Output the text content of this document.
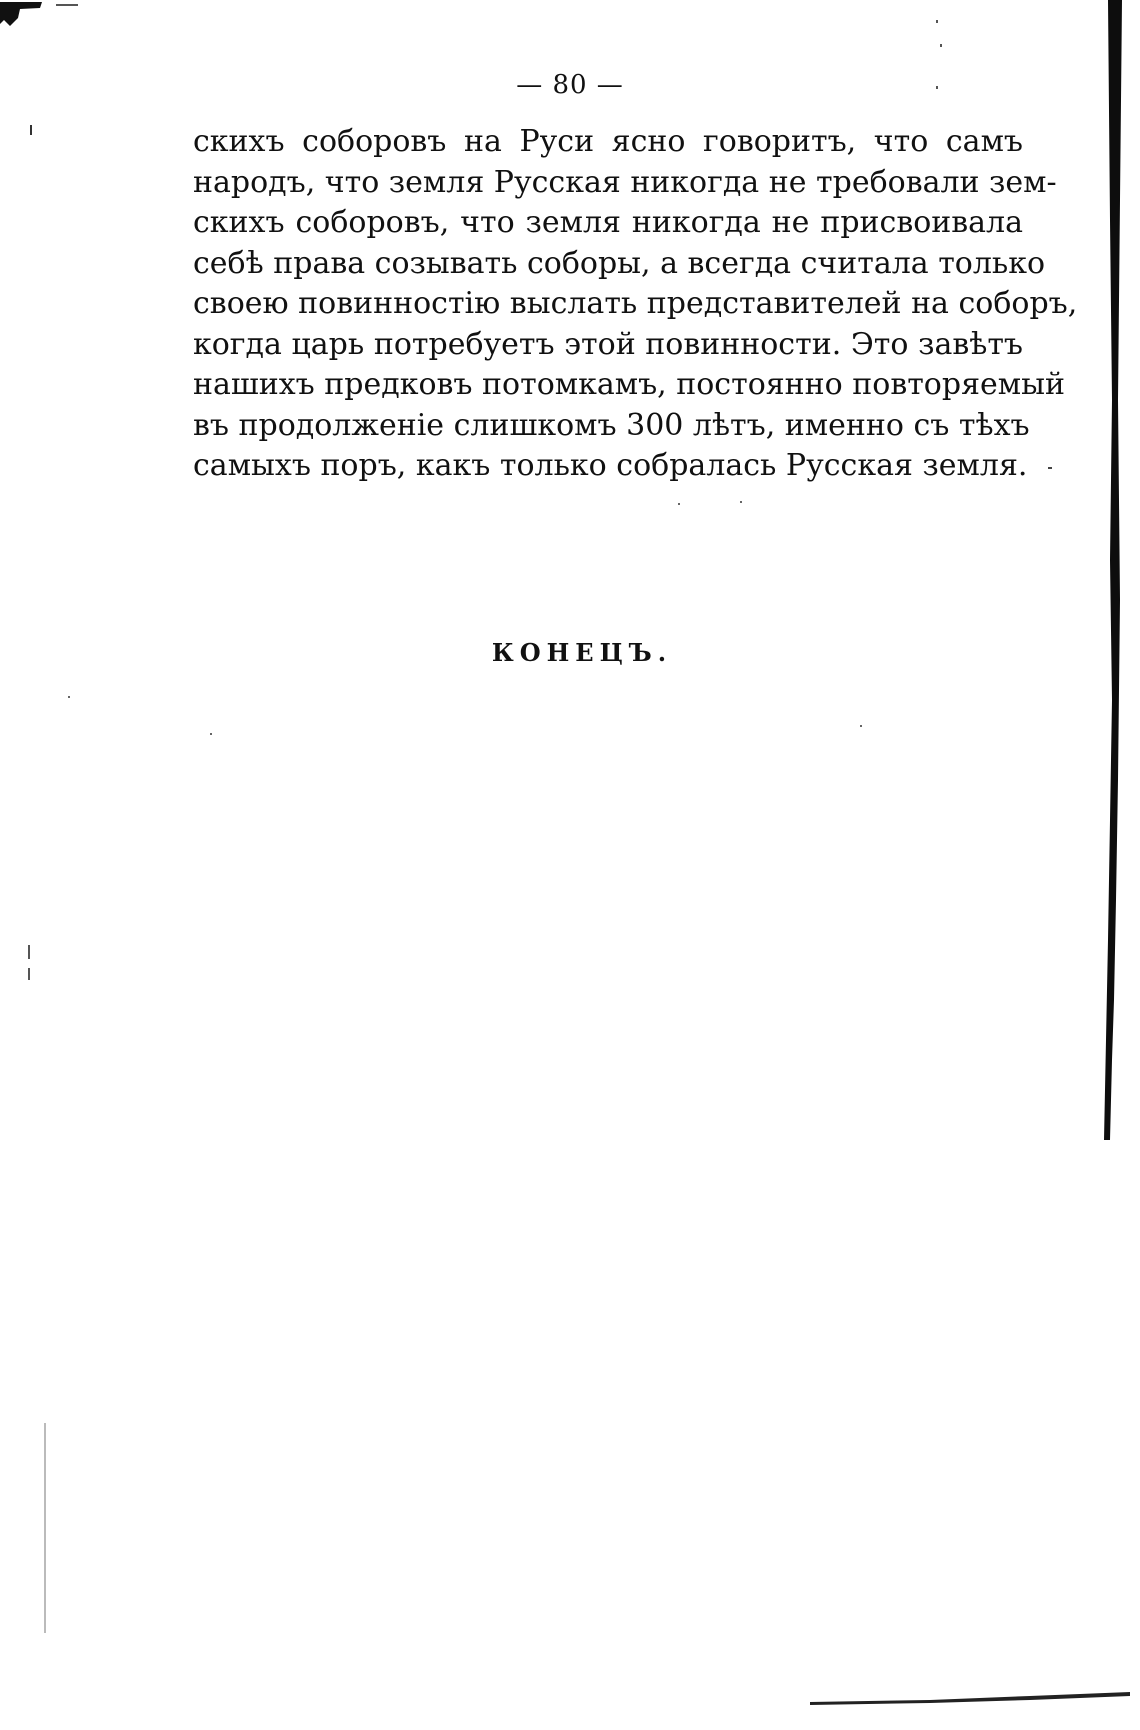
— 80 —
скихъ соборовъ на Руси ясно говоритъ, что самъ
народъ, что земля Русская никогда не требовали зем-
скихъ соборовъ, что земля никогда не присвоивала
себѣ права созывать соборы, а всегда считала только
своею повинностію выслать представителей на соборъ,
когда царь потребуетъ этой повинности. Это завѣтъ
нашихъ предковъ потомкамъ, постоянно повторяемый
въ продолженіе слишкомъ 300 лѣтъ, именно съ тѣхъ
самыхъ поръ, какъ только собралась Русская земля.
КОНЕЦЪ.
